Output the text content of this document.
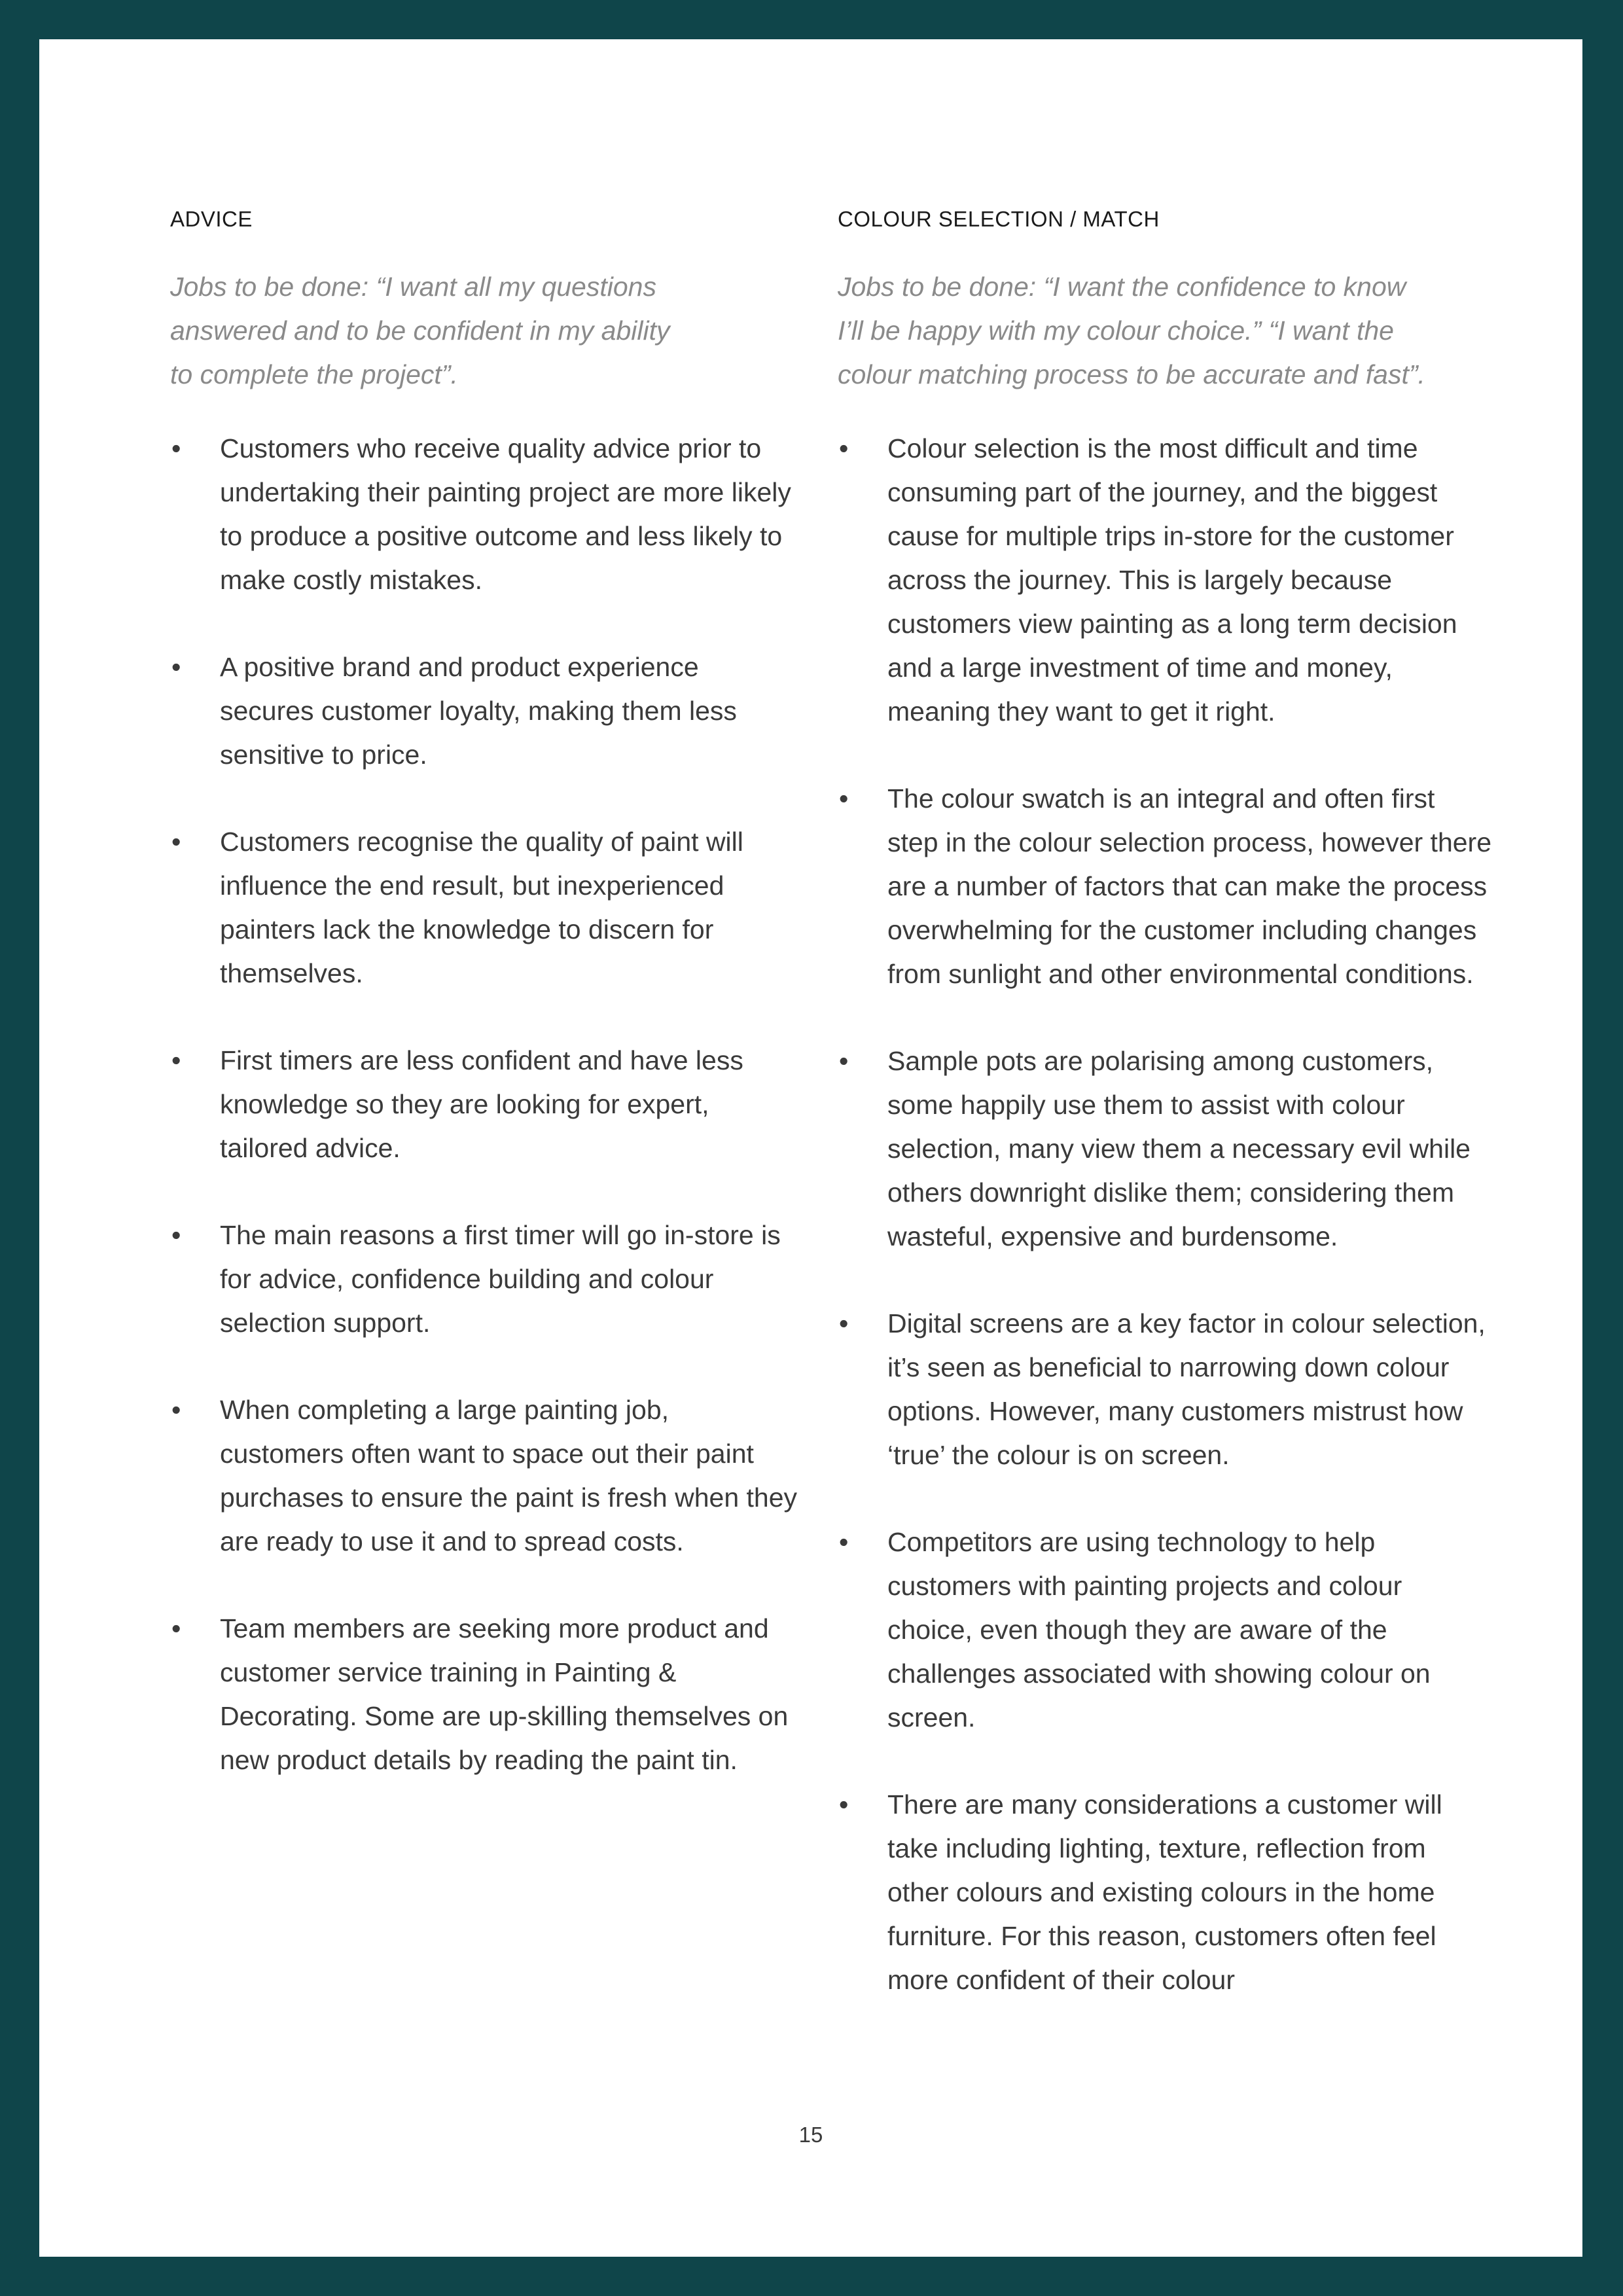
ADVICE

Jobs to be done: “I want all my questions
answered and to be confident in my ability
to complete the project”.

• Customers who receive quality advice prior to undertaking their painting project are more likely to produce a positive outcome and less likely to make costly mistakes.
• A positive brand and product experience secures customer loyalty, making them less sensitive to price.
• Customers recognise the quality of paint will influence the end result, but inexperienced painters lack the knowledge to discern for themselves.
• First timers are less confident and have less knowledge so they are looking for expert, tailored advice.
• The main reasons a first timer will go in-store is for advice, confidence building and colour selection support.
• When completing a large painting job, customers often want to space out their paint purchases to ensure the paint is fresh when they are ready to use it and to spread costs.
• Team members are seeking more product and customer service training in Painting & Decorating. Some are up-skilling themselves on new product details by reading the paint tin.
COLOUR SELECTION / MATCH

Jobs to be done: “I want the confidence to know
I’ll be happy with my colour choice.” “I want the
colour matching process to be accurate and fast”.

• Colour selection is the most difficult and time consuming part of the journey, and the biggest cause for multiple trips in-store for the customer across the journey. This is largely because customers view painting as a long term decision and a large investment of time and money, meaning they want to get it right.
• The colour swatch is an integral and often first step in the colour selection process, however there are a number of factors that can make the process overwhelming for the customer including changes from sunlight and other environmental conditions.
• Sample pots are polarising among customers, some happily use them to assist with colour selection, many view them a necessary evil while others downright dislike them; considering them wasteful, expensive and burdensome.
• Digital screens are a key factor in colour selection, it’s seen as beneficial to narrowing down colour options. However, many customers mistrust how ‘true’ the colour is on screen.
• Competitors are using technology to help customers with painting projects and colour choice, even though they are aware of the challenges associated with showing colour on screen.
• There are many considerations a customer will take including lighting, texture, reflection from other colours and existing colours in the home furniture. For this reason, customers often feel more confident of their colour
15
